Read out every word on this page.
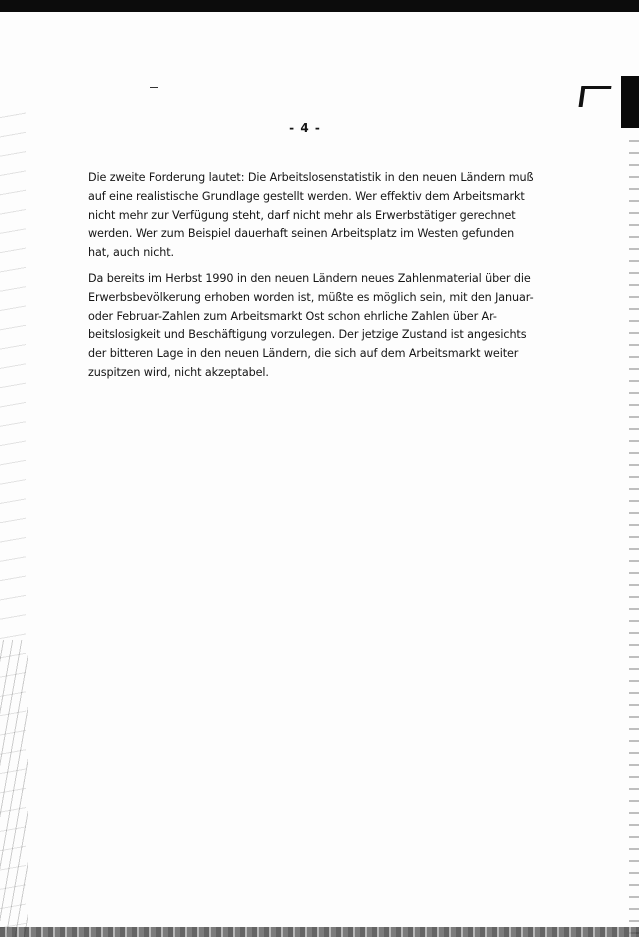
- 4 -

Die zweite Forderung lautet: Die Arbeitslosenstatistik in den neuen Ländern muß
auf eine realistische Grundlage gestellt werden. Wer effektiv dem Arbeitsmarkt
nicht mehr zur Verfügung steht, darf nicht mehr als Erwerbstätiger gerechnet
werden. Wer zum Beispiel dauerhaft seinen Arbeitsplatz im Westen gefunden
hat, auch nicht.

Da bereits im Herbst 1990 in den neuen Ländern neues Zahlenmaterial über die
Erwerbsbevölkerung erhoben worden ist, müßte es möglich sein, mit den Januar-
oder Februar-Zahlen zum Arbeitsmarkt Ost schon ehrliche Zahlen über Ar-
beitslosigkeit und Beschäftigung vorzulegen. Der jetzige Zustand ist angesichts
der bitteren Lage in den neuen Ländern, die sich auf dem Arbeitsmarkt weiter
zuspitzen wird, nicht akzeptabel.
